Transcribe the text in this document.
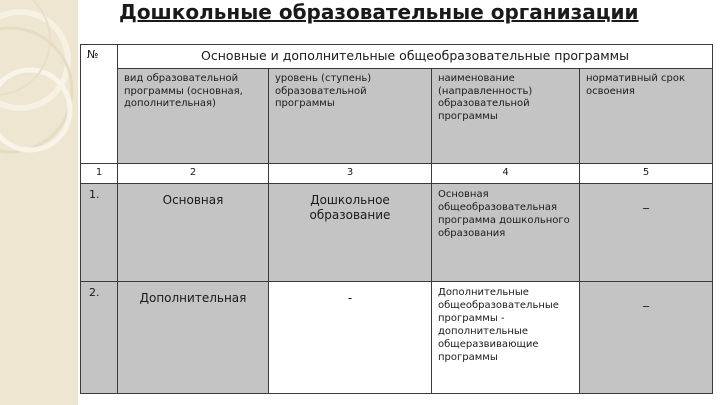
Дошкольные образовательные организации
№	Основные и дополнительные общеобразовательные программы			
	вид образовательной программы (основная, дополнительная)	уровень (ступень) образовательной программы	наименование (направленность) образовательной программы	нормативный срок освоения
1	2	3	4	5
1.	Основная	Дошкольное образование	Основная общеобразовательная программа дошкольного образования	_
2.	Дополнительная	-	Дополнительные общеобразовательные программы - дополнительные общеразвивающие программы	_
